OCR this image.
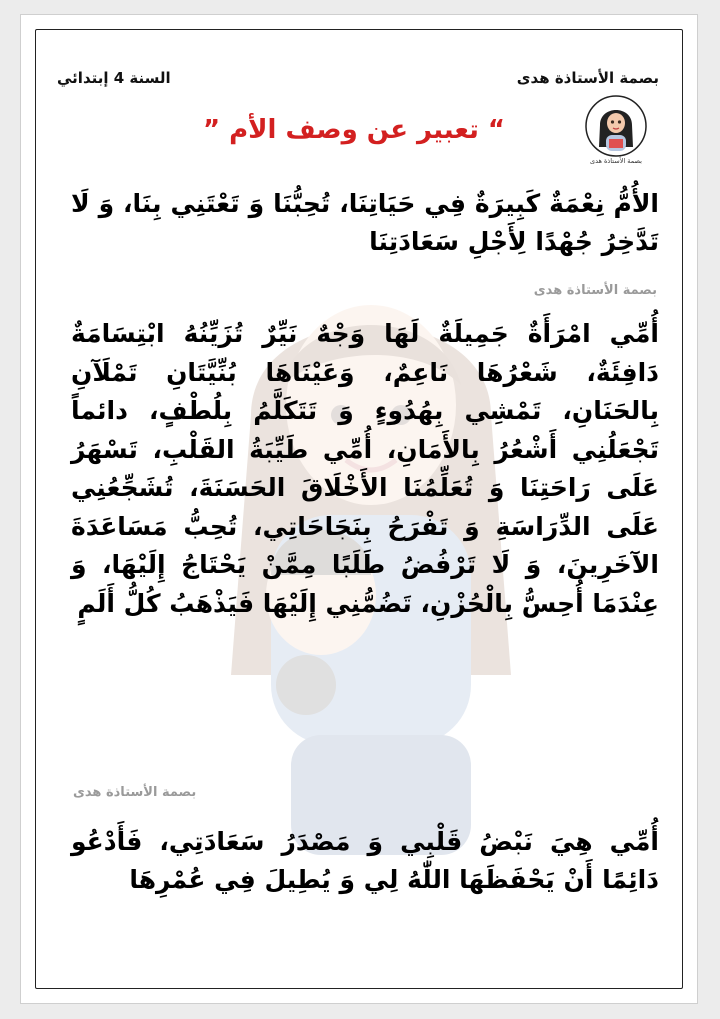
بصمة الأستاذة هدى
السنة 4 إبتدائي
بصمة الأستاذة هدى
“ تعبير عن وصف الأم ”
الأُمُّ نِعْمَةٌ كَبِيرَةٌ فِي حَيَاتِنَا، تُحِبُّنَا وَ تَعْتَنِي بِنَا، وَ لَا تَدَّخِرُ جُهْدًا لِأَجْلِ سَعَادَتِنَا
بصمة الأستاذة هدى
أُمِّي امْرَأَةٌ جَمِيلَةٌ لَهَا وَجْهٌ نَيِّرٌ تُزَيِّنُهُ ابْتِسَامَةٌ دَافِئَةٌ، شَعْرُهَا نَاعِمٌ، وَعَيْنَاهَا بُنِّيَّتَانِ تَمْلَآنِ بِالحَنَانِ، تَمْشِي بِهُدُوءٍ وَ تَتَكَلَّمُ بِلُطْفٍ، دائماً تَجْعَلُنِي أَشْعُرُ بِالأَمَانِ، أُمِّي طَيِّبَةُ القَلْبِ، تَسْهَرُ عَلَى رَاحَتِنَا وَ تُعَلِّمُنَا الأَخْلَاقَ الحَسَنَةَ، تُشَجِّعُنِي عَلَى الدِّرَاسَةِ وَ تَفْرَحُ بِنَجَاحَاتِي، تُحِبُّ مَسَاعَدَةَ الآخَرِينَ، وَ لَا تَرْفُضُ طَلَبًا مِمَّنْ يَحْتَاجُ إِلَيْهَا، وَ عِنْدَمَا أُحِسُّ بِالْحُزْنِ، تَضُمُّنِي إِلَيْهَا فَيَذْهَبُ كُلُّ أَلَمٍ
بصمة الأستاذة هدى
أُمِّي هِيَ نَبْضُ قَلْبِي وَ مَصْدَرُ سَعَادَتِي، فَأَدْعُو دَائِمًا أَنْ يَحْفَظَهَا اللّٰهُ لِي وَ يُطِيلَ فِي عُمْرِهَا
